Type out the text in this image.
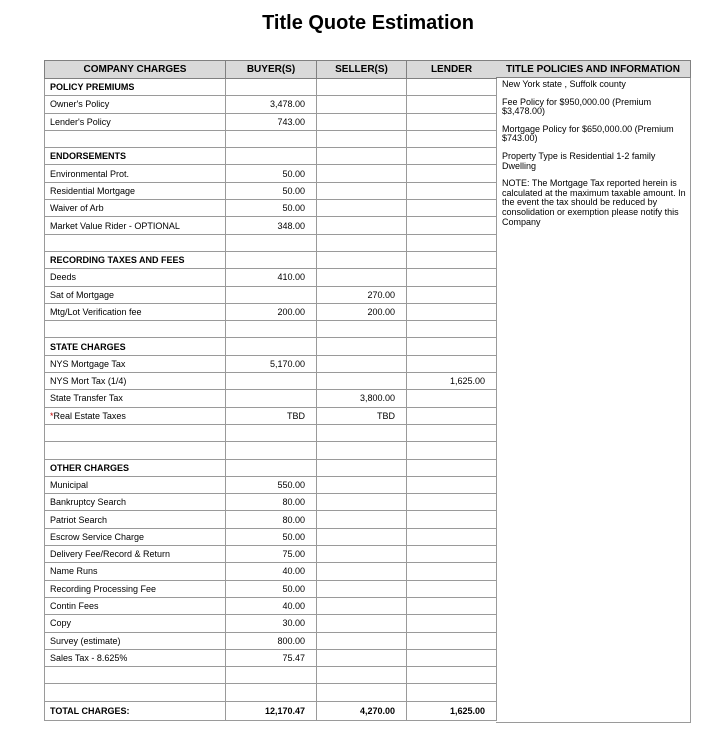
Title Quote Estimation
COMPANY CHARGES	BUYER(S)	SELLER(S)	LENDER
POLICY PREMIUMS			
Owner's Policy	3,478.00		
Lender's Policy	743.00		

ENDORSEMENTS			
Environmental Prot.	50.00		
Residential Mortgage	50.00		
Waiver of Arb	50.00		
Market Value Rider - OPTIONAL	348.00		

RECORDING TAXES AND FEES			
Deeds	410.00		
Sat of Mortgage		270.00	
Mtg/Lot Verification fee	200.00	200.00	

STATE CHARGES			
NYS Mortgage Tax	5,170.00		
NYS Mort Tax (1/4)			1,625.00
State Transfer Tax		3,800.00	
*Real Estate Taxes	TBD	TBD	

OTHER CHARGES			
Municipal	550.00		
Bankruptcy Search	80.00		
Patriot Search	80.00		
Escrow Service Charge	50.00		
Delivery Fee/Record & Return	75.00		
Name Runs	40.00		
Recording Processing Fee	50.00		
Contin Fees	40.00		
Copy	30.00		
Survey (estimate)	800.00		
Sales Tax - 8.625%	75.47		

TOTAL CHARGES:	12,170.47	4,270.00	1,625.00
TITLE POLICIES AND INFORMATION

New York state , Suffolk county

Fee Policy for $950,000.00 (Premium $3,478.00)

Mortgage Policy for $650,000.00 (Premium $743.00)

Property Type is Residential 1-2 family Dwelling

NOTE: The Mortgage Tax reported herein is calculated at the maximum taxable amount. In the event the tax should be reduced by consolidation or exemption please notify this Company
